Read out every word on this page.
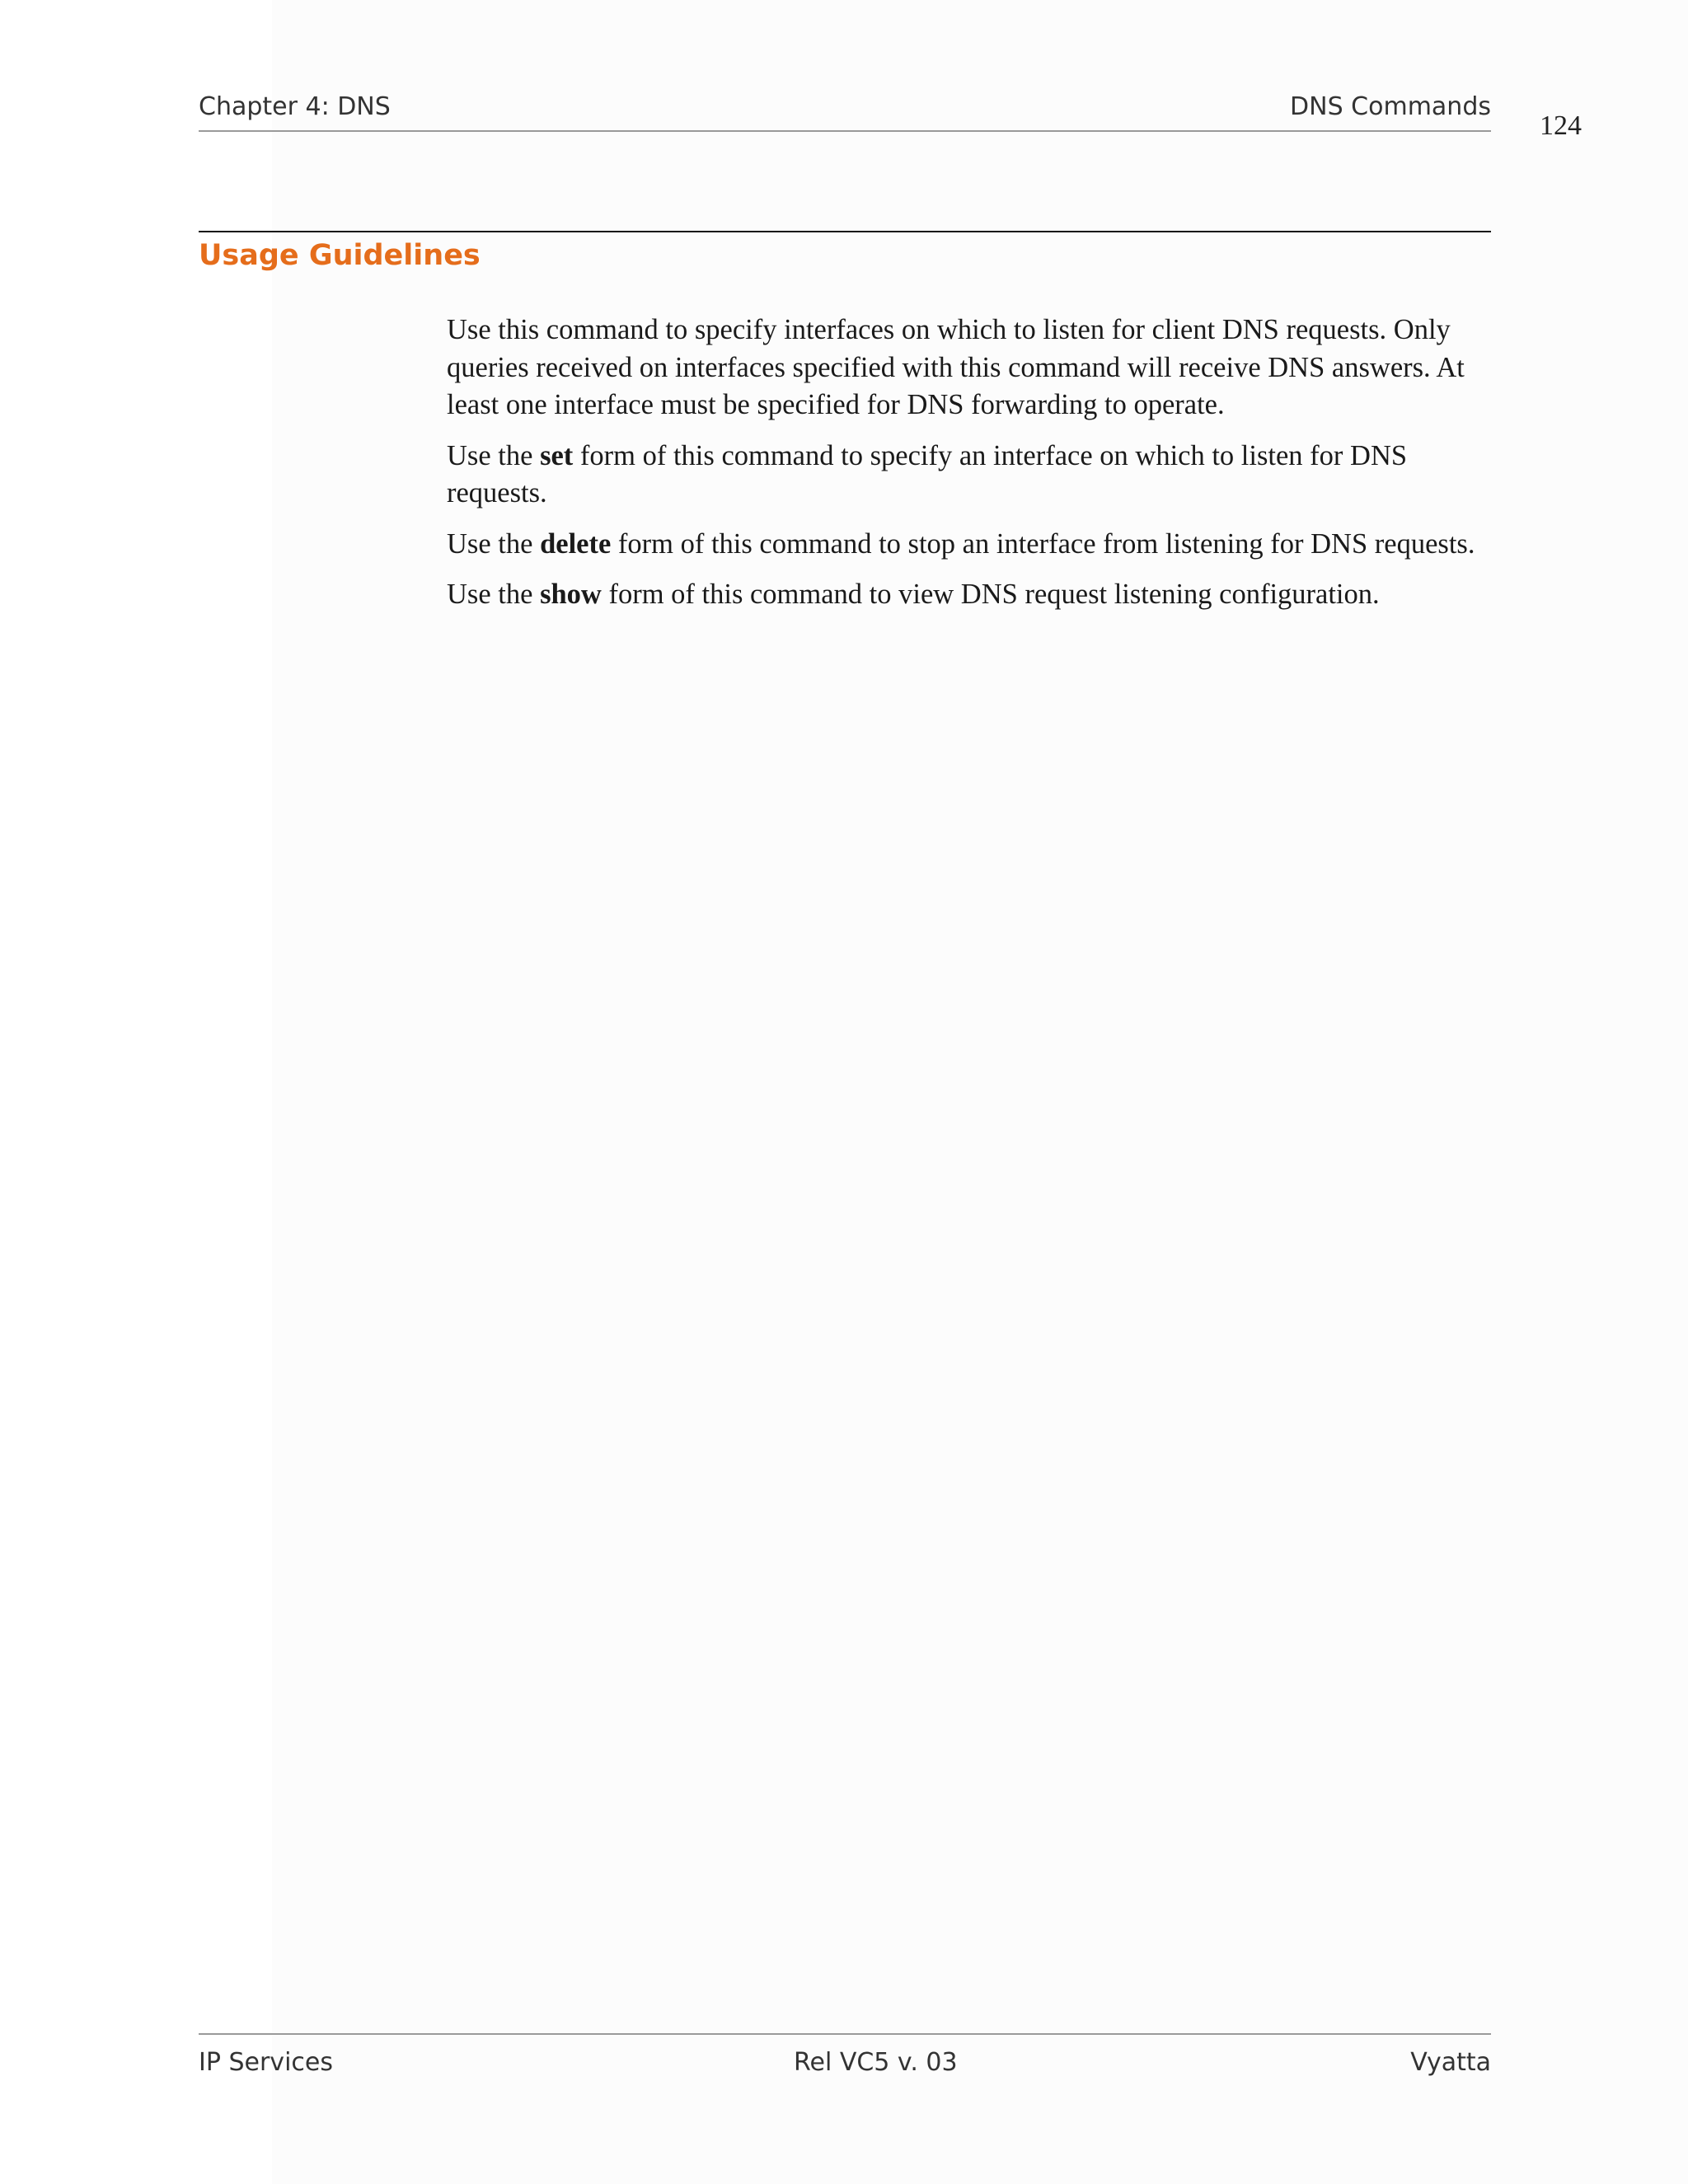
Chapter 4: DNS	DNS Commands
124
Usage Guidelines

Use this command to specify interfaces on which to listen for client DNS requests. Only queries received on interfaces specified with this command will receive DNS answers. At least one interface must be specified for DNS forwarding to operate.

Use the set form of this command to specify an interface on which to listen for DNS requests.

Use the delete form of this command to stop an interface from listening for DNS requests.

Use the show form of this command to view DNS request listening configuration.

IP Services	Rel VC5 v. 03	Vyatta
